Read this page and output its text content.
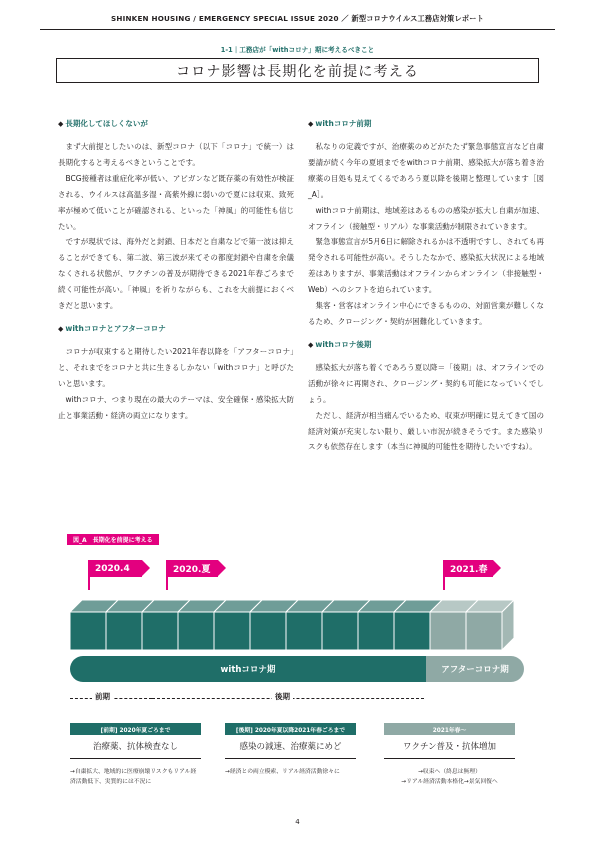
SHINKEN HOUSING / EMERGENCY SPECIAL ISSUE 2020 ／ 新型コロナウイルス工務店対策レポート
1-1｜工務店が「withコロナ」期に考えるべきこと
コロナ影響は長期化を前提に考える
◆ 長期化してほしくないが

まず大前提としたいのは、新型コロナ（以下「コロナ」で統一）は長期化すると考えるべきということです。

BCG接種者は重症化率が低い、アビガンなど既存薬の有効性が検証される、ウイルスは高温多湿・高紫外線に弱いので夏には収束、致死率が極めて低いことが確認される、といった「神風」的可能性も信じたい。

ですが現状では、海外だと封鎖、日本だと自粛などで第一波は抑えることができても、第二波、第三波が来てその都度封鎖や自粛を余儀なくされる状態が、ワクチンの普及が期待できる2021年春ごろまで続く可能性が高い。「神風」を祈りながらも、これを大前提におくべきだと思います。

◆ withコロナとアフターコロナ

コロナが収束すると期待したい2021年春以降を「アフターコロナ」と、それまでをコロナと共に生きるしかない「withコロナ」と呼びたいと思います。

withコロナ、つまり現在の最大のテーマは、安全確保・感染拡大防止と事業活動・経済の両立になります。

◆ withコロナ前期

私なりの定義ですが、治療薬のめどがたたず緊急事態宣言など自粛要請が続く今年の夏頃までをwithコロナ前期、感染拡大が落ち着き治療薬の目処も見えてくるであろう夏以降を後期と整理しています［図_A］。

withコロナ前期は、地域差はあるものの感染が拡大し自粛が加速、オフライン（接触型・リアル）な事業活動が制限されていきます。

緊急事態宣言が5月6日に解除されるかは不透明ですし、されても再発令される可能性が高い。そうしたなかで、感染拡大状況による地域差はありますが、事業活動はオフラインからオンライン（非接触型・Web）へのシフトを迫られています。

集客・営客はオンライン中心にできるものの、対面営業が難しくなるため、クロージング・契約が困難化していきます。

◆ withコロナ後期

感染拡大が落ち着くであろう夏以降＝「後期」は、オフラインでの活動が徐々に再開され、クロージング・契約も可能になっていくでしょう。

ただし、経済が相当痛んでいるため、収束が明確に見えてきて国の経済対策が充実しない限り、厳しい市況が続きそうです。また感染リスクも依然存在します（本当に神風的可能性を期待したいですね）。

図_A　長期化を前提に考える
2020.4	2020.夏	2021.春
withコロナ期	アフターコロナ期
前期	後期
[前期] 2020年夏ごろまで
治療薬、抗体検査なし
→自粛拡大、地域的に医療崩壊リスクもリアル経済活動低下、実質的には不況に
[後期] 2020年夏以降2021年春ごろまで
感染の減速、治療薬にめど
→経済との両立模索、リアル経済活動徐々に
2021年春〜
ワクチン普及・抗体増加
→収束へ（終息は無理）
→リアル経済活動本格化→景気回復へ
4
